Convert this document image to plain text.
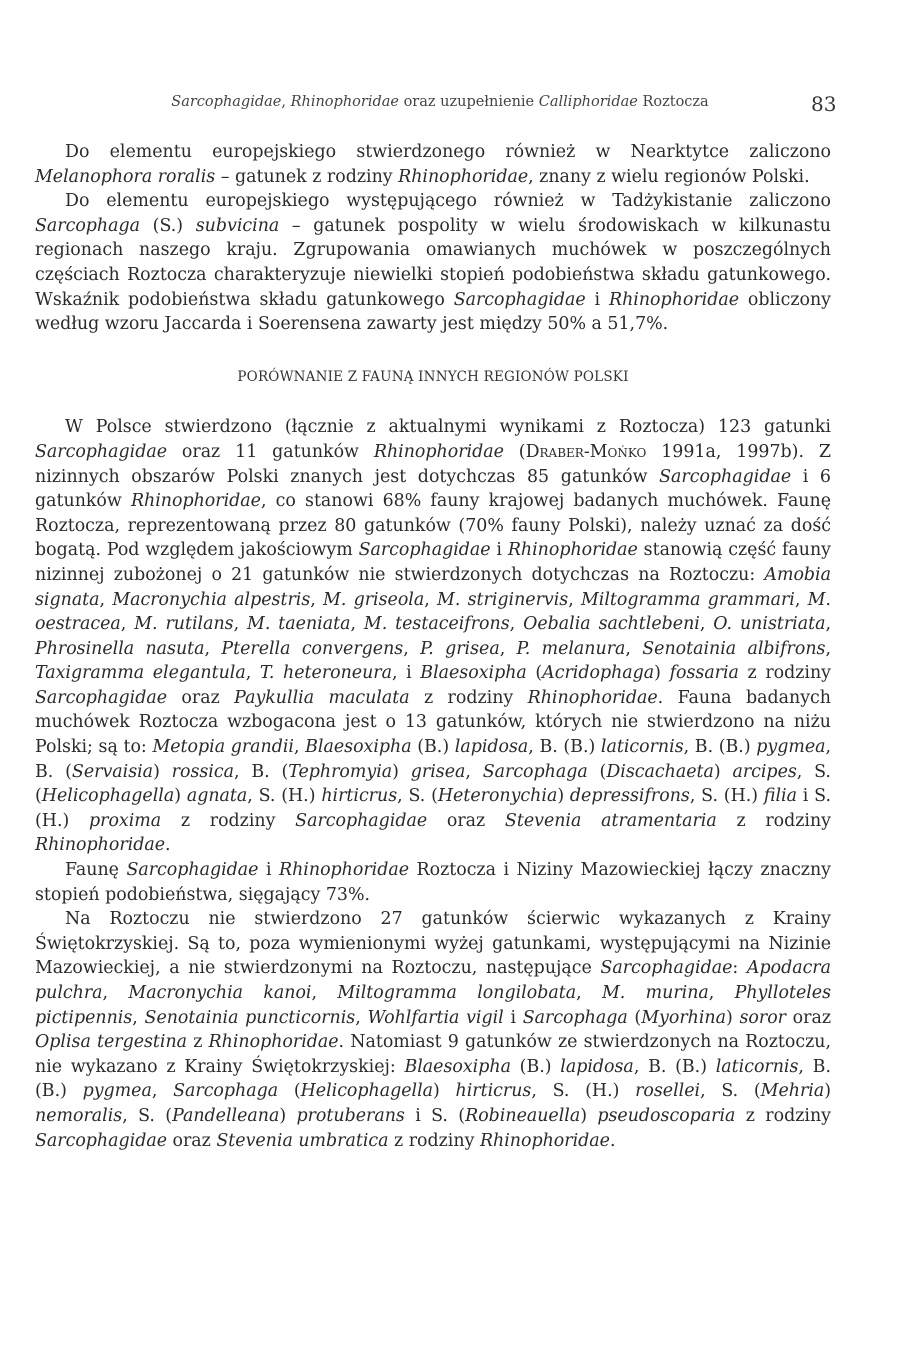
Sarcophagidae, Rhinophoridae oraz uzupełnienie Calliphoridae Roztocza	83

Do elementu europejskiego stwierdzonego również w Nearktytce zaliczono Melanophora roralis – gatunek z rodziny Rhinophoridae, znany z wielu regionów Polski.

Do elementu europejskiego występującego również w Tadżykistanie zaliczono Sarcophaga (S.) subvicina – gatunek pospolity w wielu środowiskach w kilkunastu regionach naszego kraju. Zgrupowania omawianych muchówek w poszczególnych częściach Roztocza charakteryzuje niewielki stopień podobieństwa składu gatunkowego. Wskaźnik podobieństwa składu gatunkowego Sarcophagidae i Rhinophoridae obliczony według wzoru Jaccarda i Soerensena zawarty jest między 50% a 51,7%.

PORÓWNANIE Z FAUNĄ INNYCH REGIONÓW POLSKI

W Polsce stwierdzono (łącznie z aktualnymi wynikami z Roztocza) 123 gatunki Sarcophagidae oraz 11 gatunków Rhinophoridae (Draber-Mońko 1991a, 1997b). Z nizinnych obszarów Polski znanych jest dotychczas 85 gatunków Sarcophagidae i 6 gatunków Rhinophoridae, co stanowi 68% fauny krajowej badanych muchówek. Faunę Roztocza, reprezentowaną przez 80 gatunków (70% fauny Polski), należy uznać za dość bogatą. Pod względem jakościowym Sarcophagidae i Rhinophoridae stanowią część fauny nizinnej zubożonej o 21 gatunków nie stwierdzonych dotychczas na Roztoczu: Amobia signata, Macronychia alpestris, M. griseola, M. striginervis, Miltogramma grammari, M. oestracea, M. rutilans, M. taeniata, M. testaceifrons, Oebalia sachtlebeni, O. unistriata, Phrosinella nasuta, Pterella convergens, P. grisea, P. melanura, Senotainia albifrons, Taxigramma elegantula, T. heteroneura, i Blaesoxipha (Acridophaga) fossaria z rodziny Sarcophagidae oraz Paykullia maculata z rodziny Rhinophoridae. Fauna badanych muchówek Roztocza wzbogacona jest o 13 gatunków, których nie stwierdzono na niżu Polski; są to: Metopia grandii, Blaesoxipha (B.) lapidosa, B. (B.) laticornis, B. (B.) pygmea, B. (Servaisia) rossica, B. (Tephromyia) grisea, Sarcophaga (Discachaeta) arcipes, S. (Helicophagella) agnata, S. (H.) hirticrus, S. (Heteronychia) depressifrons, S. (H.) filia i S. (H.) proxima z rodziny Sarcophagidae oraz Stevenia atramentaria z rodziny Rhinophoridae.

Faunę Sarcophagidae i Rhinophoridae Roztocza i Niziny Mazowieckiej łączy znaczny stopień podobieństwa, sięgający 73%.

Na Roztoczu nie stwierdzono 27 gatunków ścierwic wykazanych z Krainy Świętokrzyskiej. Są to, poza wymienionymi wyżej gatunkami, występującymi na Nizinie Mazowieckiej, a nie stwierdzonymi na Roztoczu, następujące Sarcophagidae: Apodacra pulchra, Macronychia kanoi, Miltogramma longilobata, M. murina, Phylloteles pictipennis, Senotainia puncticornis, Wohlfartia vigil i Sarcophaga (Myorhina) soror oraz Oplisa tergestina z Rhinophoridae. Natomiast 9 gatunków ze stwierdzonych na Roztoczu, nie wykazano z Krainy Świętokrzyskiej: Blaesoxipha (B.) lapidosa, B. (B.) laticornis, B. (B.) pygmea, Sarcophaga (Helicophagella) hirticrus, S. (H.) rosellei, S. (Mehria) nemoralis, S. (Pandelleana) protuberans i S. (Robineauella) pseudoscoparia z rodziny Sarcophagidae oraz Stevenia umbratica z rodziny Rhinophoridae.
